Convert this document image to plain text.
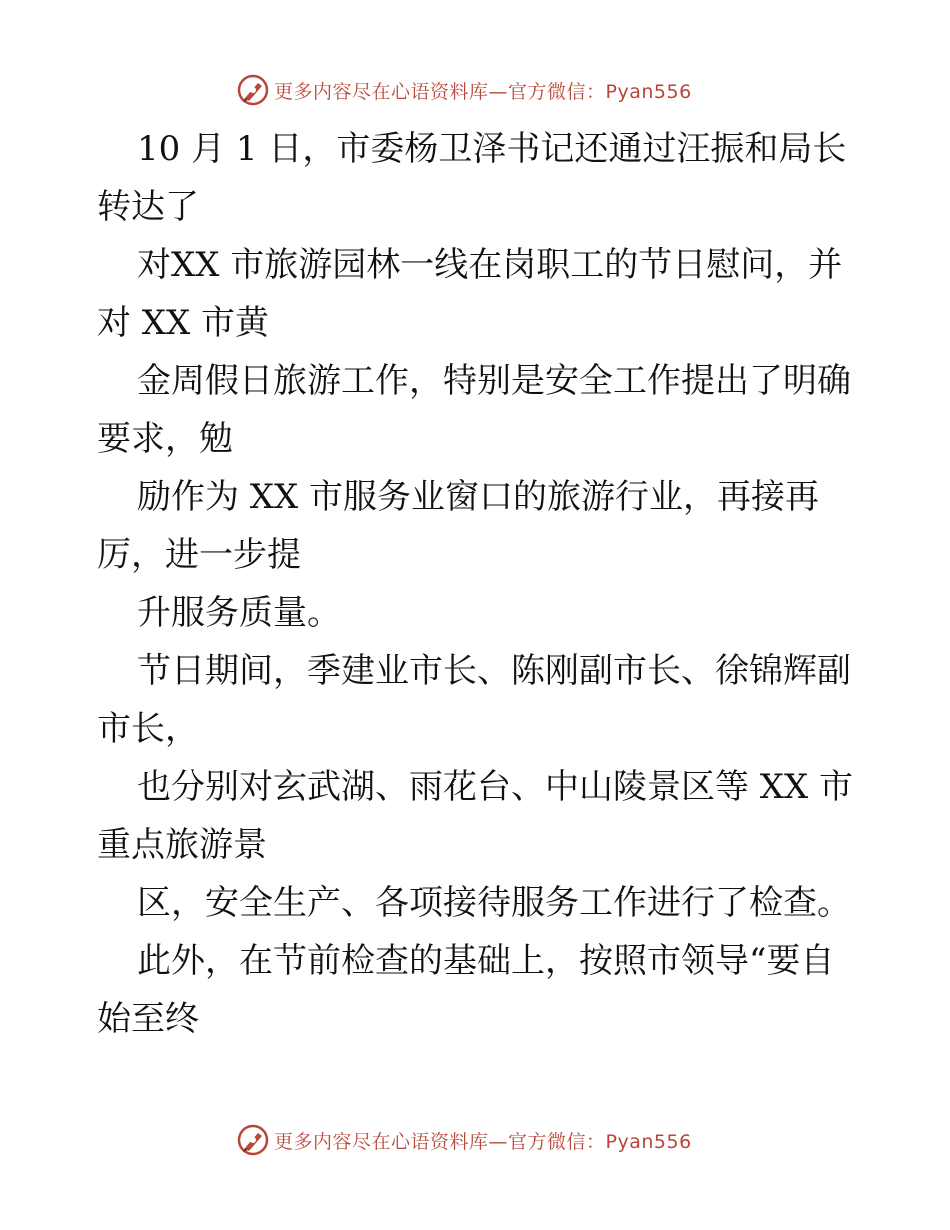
更多内容尽在心语资料库—官方微信：Pyan556
10 月 1 日，市委杨卫泽书记还通过汪振和局长
转达了
对XX 市旅游园林一线在岗职工的节日慰问，并
对 XX 市黄
金周假日旅游工作，特别是安全工作提出了明确
要求，勉
励作为 XX 市服务业窗口的旅游行业，再接再
厉，进一步提
升服务质量。
节日期间，季建业市长、陈刚副市长、徐锦辉副
市长，
也分别对玄武湖、雨花台、中山陵景区等 XX 市
重点旅游景
区，安全生产、各项接待服务工作进行了检查。
此外，在节前检查的基础上，按照市领导“要自
始至终
更多内容尽在心语资料库—官方微信：Pyan556
